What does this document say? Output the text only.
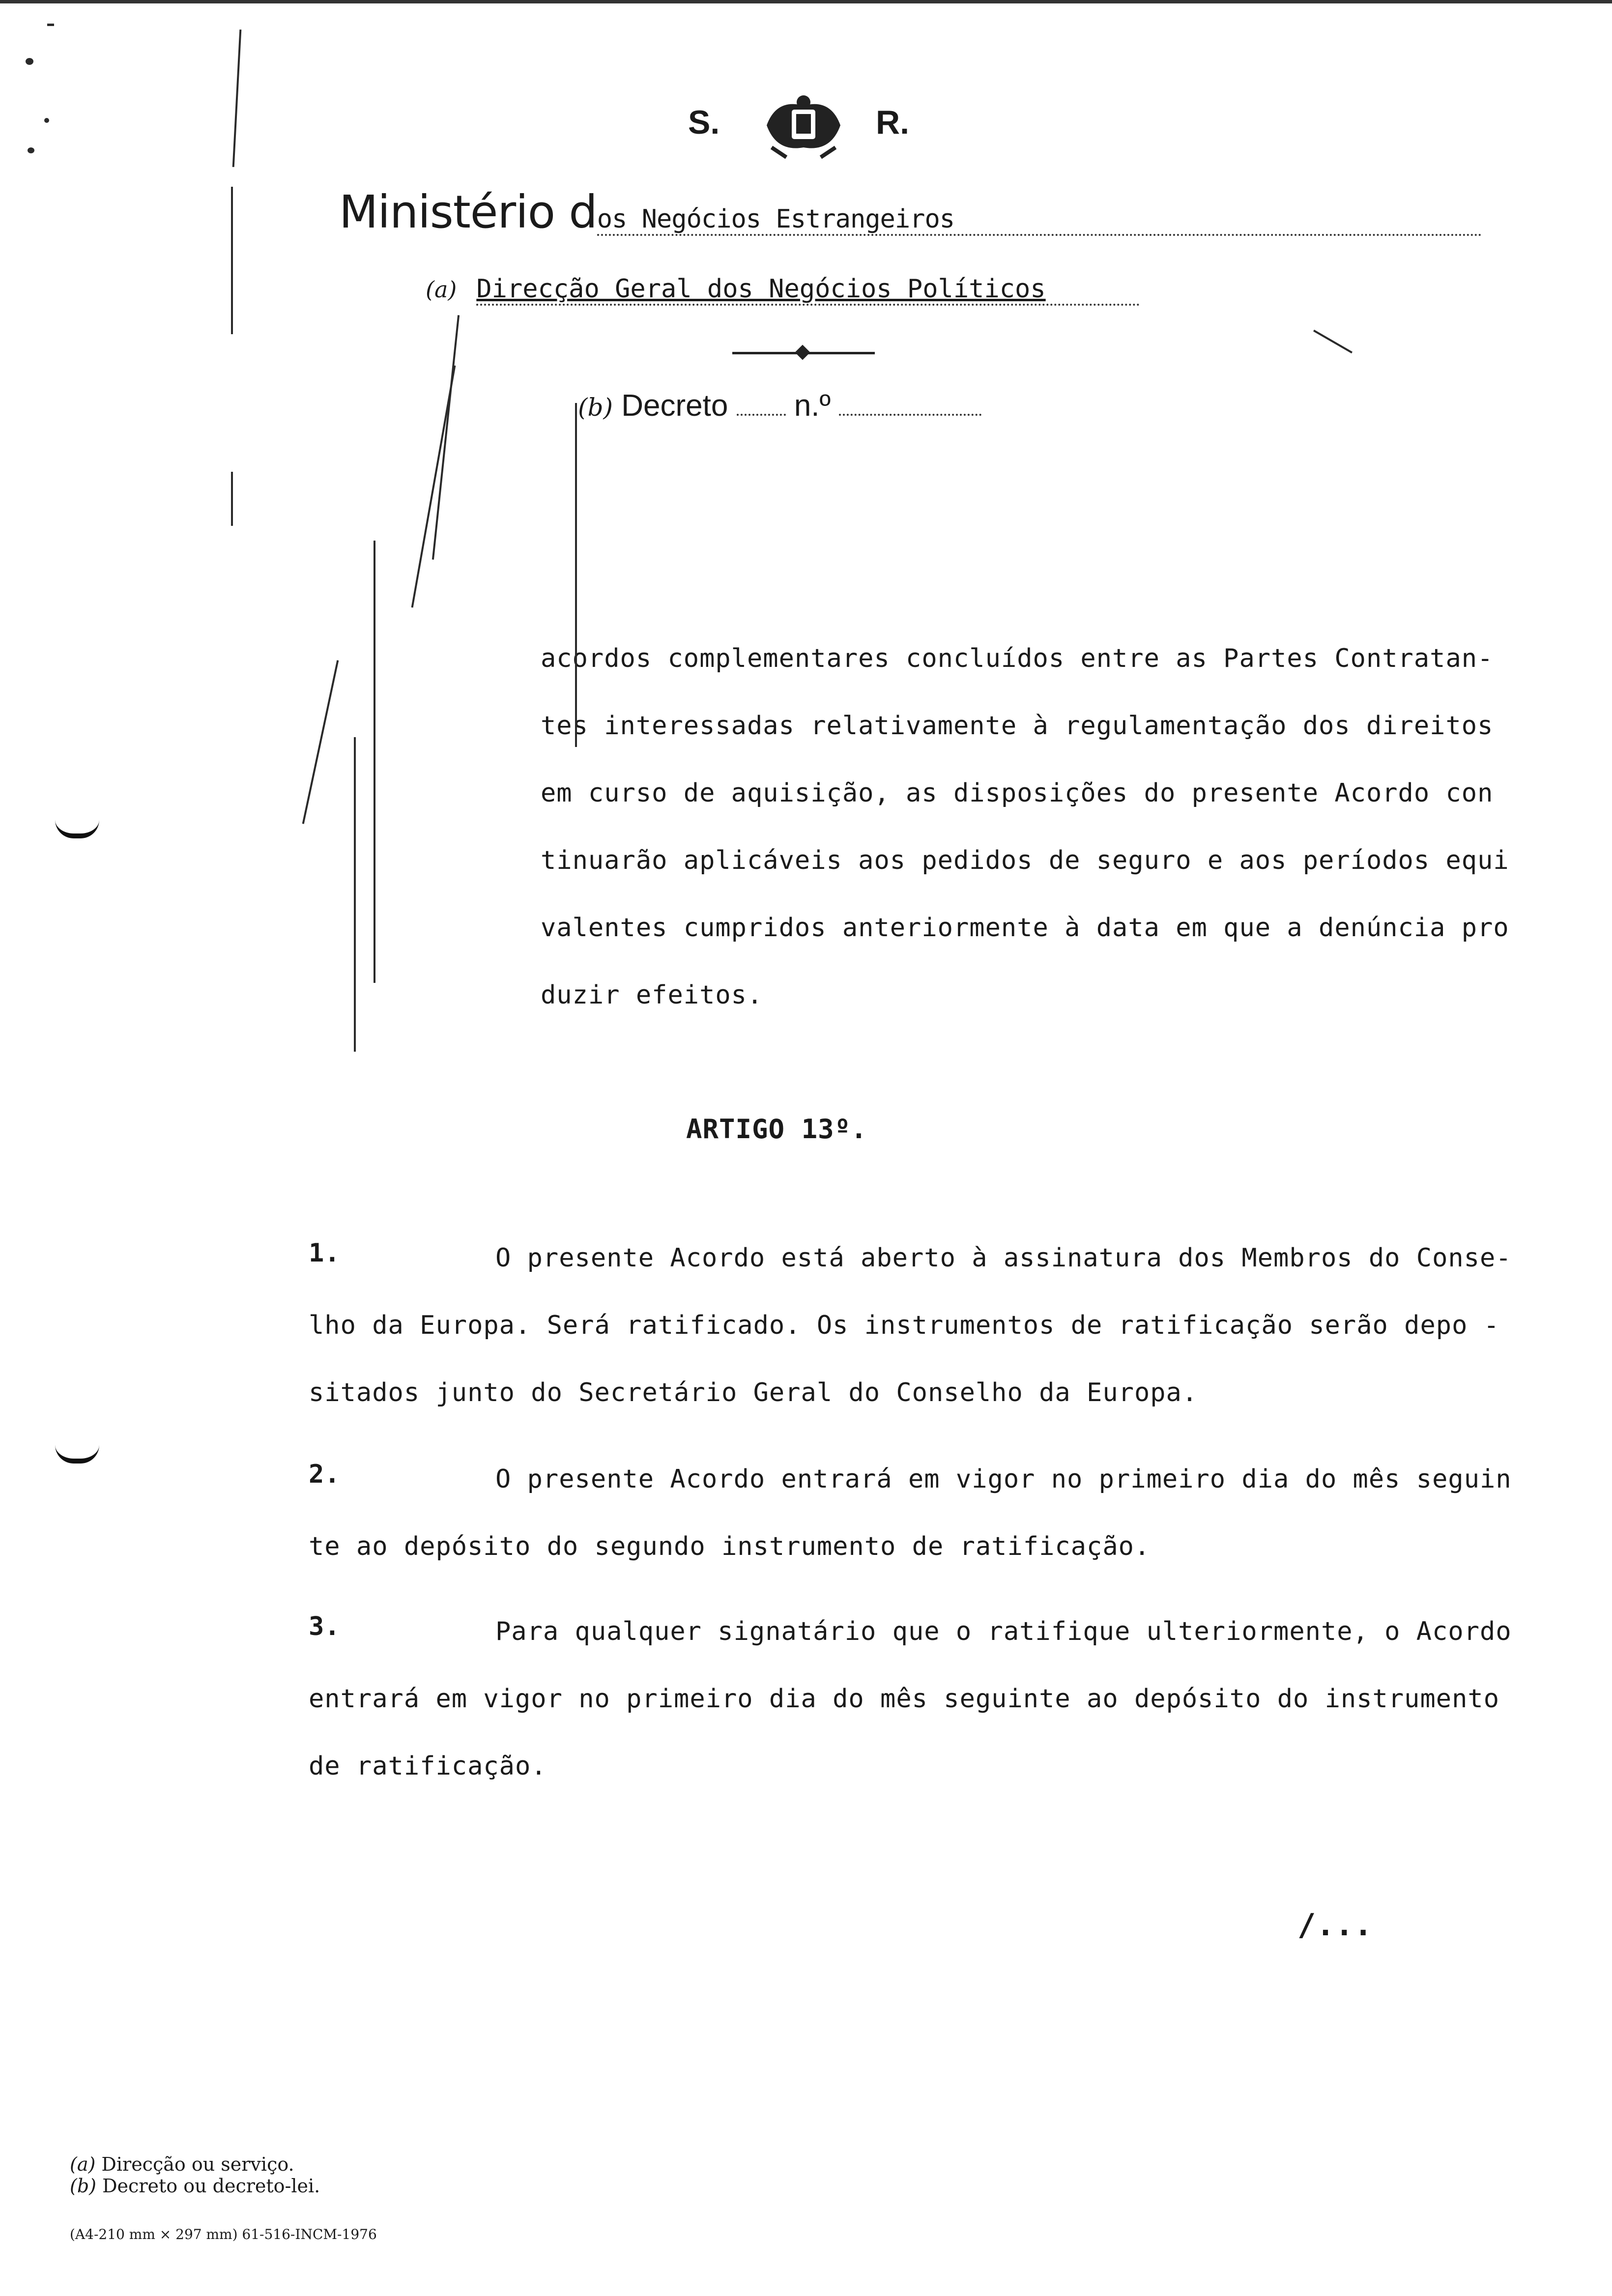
S.	R.
Ministério dos Negócios Estrangeiros
(a) Direcção Geral dos Negócios Políticos
(b) Decreto n.º
acordos complementares concluídos entre as Partes Contratan-
tes interessadas relativamente à regulamentação dos direitos
em curso de aquisição, as disposições do presente Acordo con
tinuarão aplicáveis aos pedidos de seguro e aos períodos equi
valentes cumpridos anteriormente à data em que a denúncia pro
duzir efeitos.
ARTIGO 13º.
1.	O presente Acordo está aberto à assinatura dos Membros do Conse-
lho da Europa. Será ratificado. Os instrumentos de ratificação serão depo -
sitados junto do Secretário Geral do Conselho da Europa.
2.	O presente Acordo entrará em vigor no primeiro dia do mês seguin
te ao depósito do segundo instrumento de ratificação.
3.	Para qualquer signatário que o ratifique ulteriormente, o Acordo
entrará em vigor no primeiro dia do mês seguinte ao depósito do instrumento
de ratificação.
/...
(a) Direcção ou serviço.
(b) Decreto ou decreto-lei.
(A4-210 mm × 297 mm) 61-516-INCM-1976
